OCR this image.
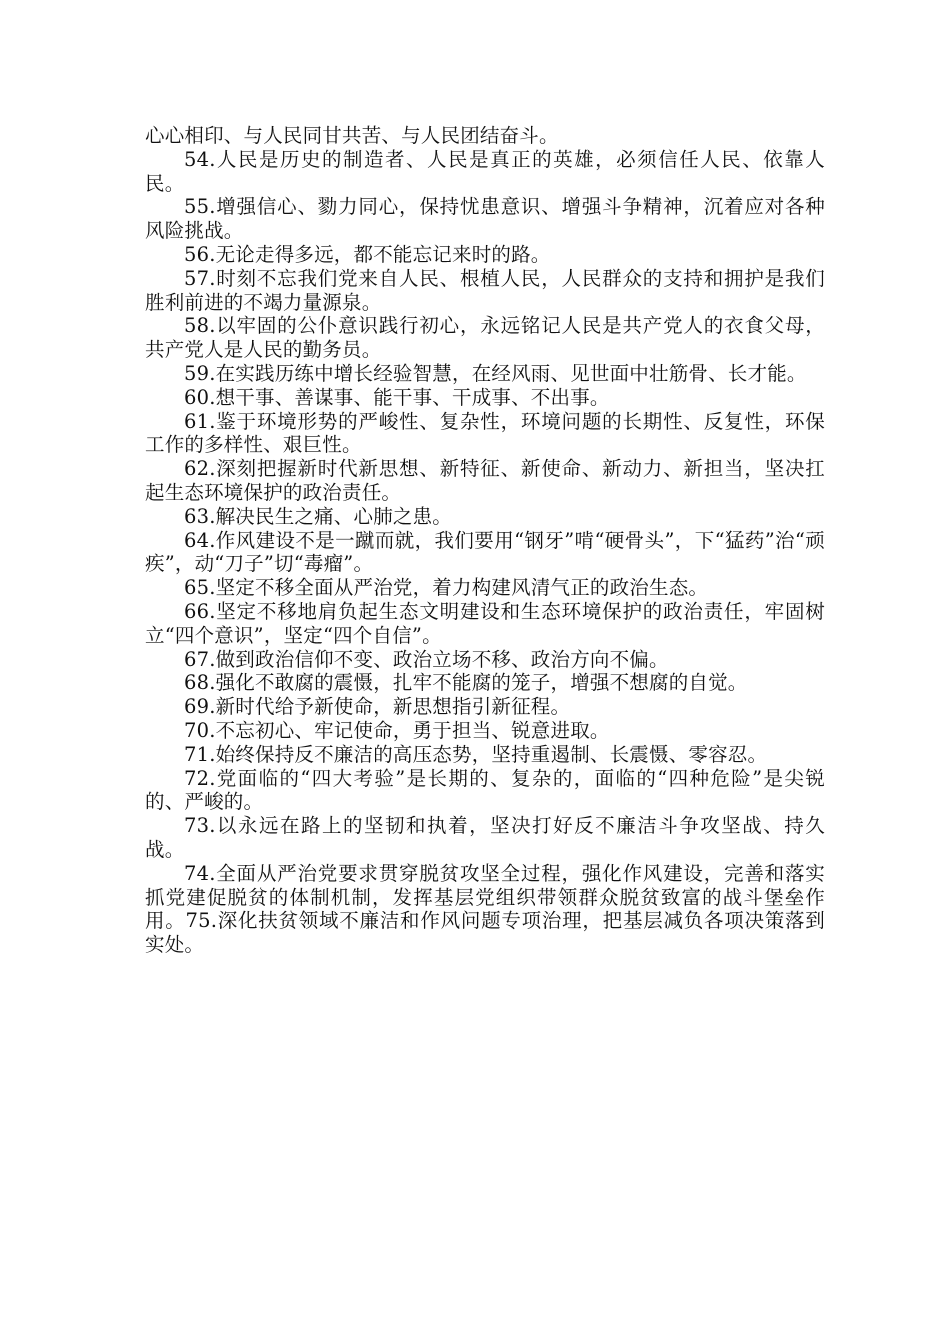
心心相印、与人民同甘共苦、与人民团结奋斗。

54.人民是历史的制造者、人民是真正的英雄，必须信任人民、依靠人民。

55.增强信心、勠力同心，保持忧患意识、增强斗争精神，沉着应对各种风险挑战。

56.无论走得多远，都不能忘记来时的路。

57.时刻不忘我们党来自人民、根植人民，人民群众的支持和拥护是我们胜利前进的不竭力量源泉。

58.以牢固的公仆意识践行初心，永远铭记人民是共产党人的衣食父母，共产党人是人民的勤务员。

59.在实践历练中增长经验智慧，在经风雨、见世面中壮筋骨、长才能。

60.想干事、善谋事、能干事、干成事、不出事。

61.鉴于环境形势的严峻性、复杂性，环境问题的长期性、反复性，环保工作的多样性、艰巨性。

62.深刻把握新时代新思想、新特征、新使命、新动力、新担当，坚决扛起生态环境保护的政治责任。

63.解决民生之痛、心肺之患。

64.作风建设不是一蹴而就，我们要用“钢牙”啃“硬骨头”，下“猛药”治“顽疾”，动“刀子”切“毒瘤”。

65.坚定不移全面从严治党，着力构建风清气正的政治生态。

66.坚定不移地肩负起生态文明建设和生态环境保护的政治责任，牢固树立“四个意识”，坚定“四个自信”。

67.做到政治信仰不变、政治立场不移、政治方向不偏。

68.强化不敢腐的震慑，扎牢不能腐的笼子，增强不想腐的自觉。

69.新时代给予新使命，新思想指引新征程。

70.不忘初心、牢记使命，勇于担当、锐意进取。

71.始终保持反不廉洁的高压态势，坚持重遏制、长震慑、零容忍。

72.党面临的“四大考验”是长期的、复杂的，面临的“四种危险”是尖锐的、严峻的。

73.以永远在路上的坚韧和执着，坚决打好反不廉洁斗争攻坚战、持久战。

74.全面从严治党要求贯穿脱贫攻坚全过程，强化作风建设，完善和落实抓党建促脱贫的体制机制，发挥基层党组织带领群众脱贫致富的战斗堡垒作用。75.深化扶贫领域不廉洁和作风问题专项治理，把基层减负各项决策落到实处。
